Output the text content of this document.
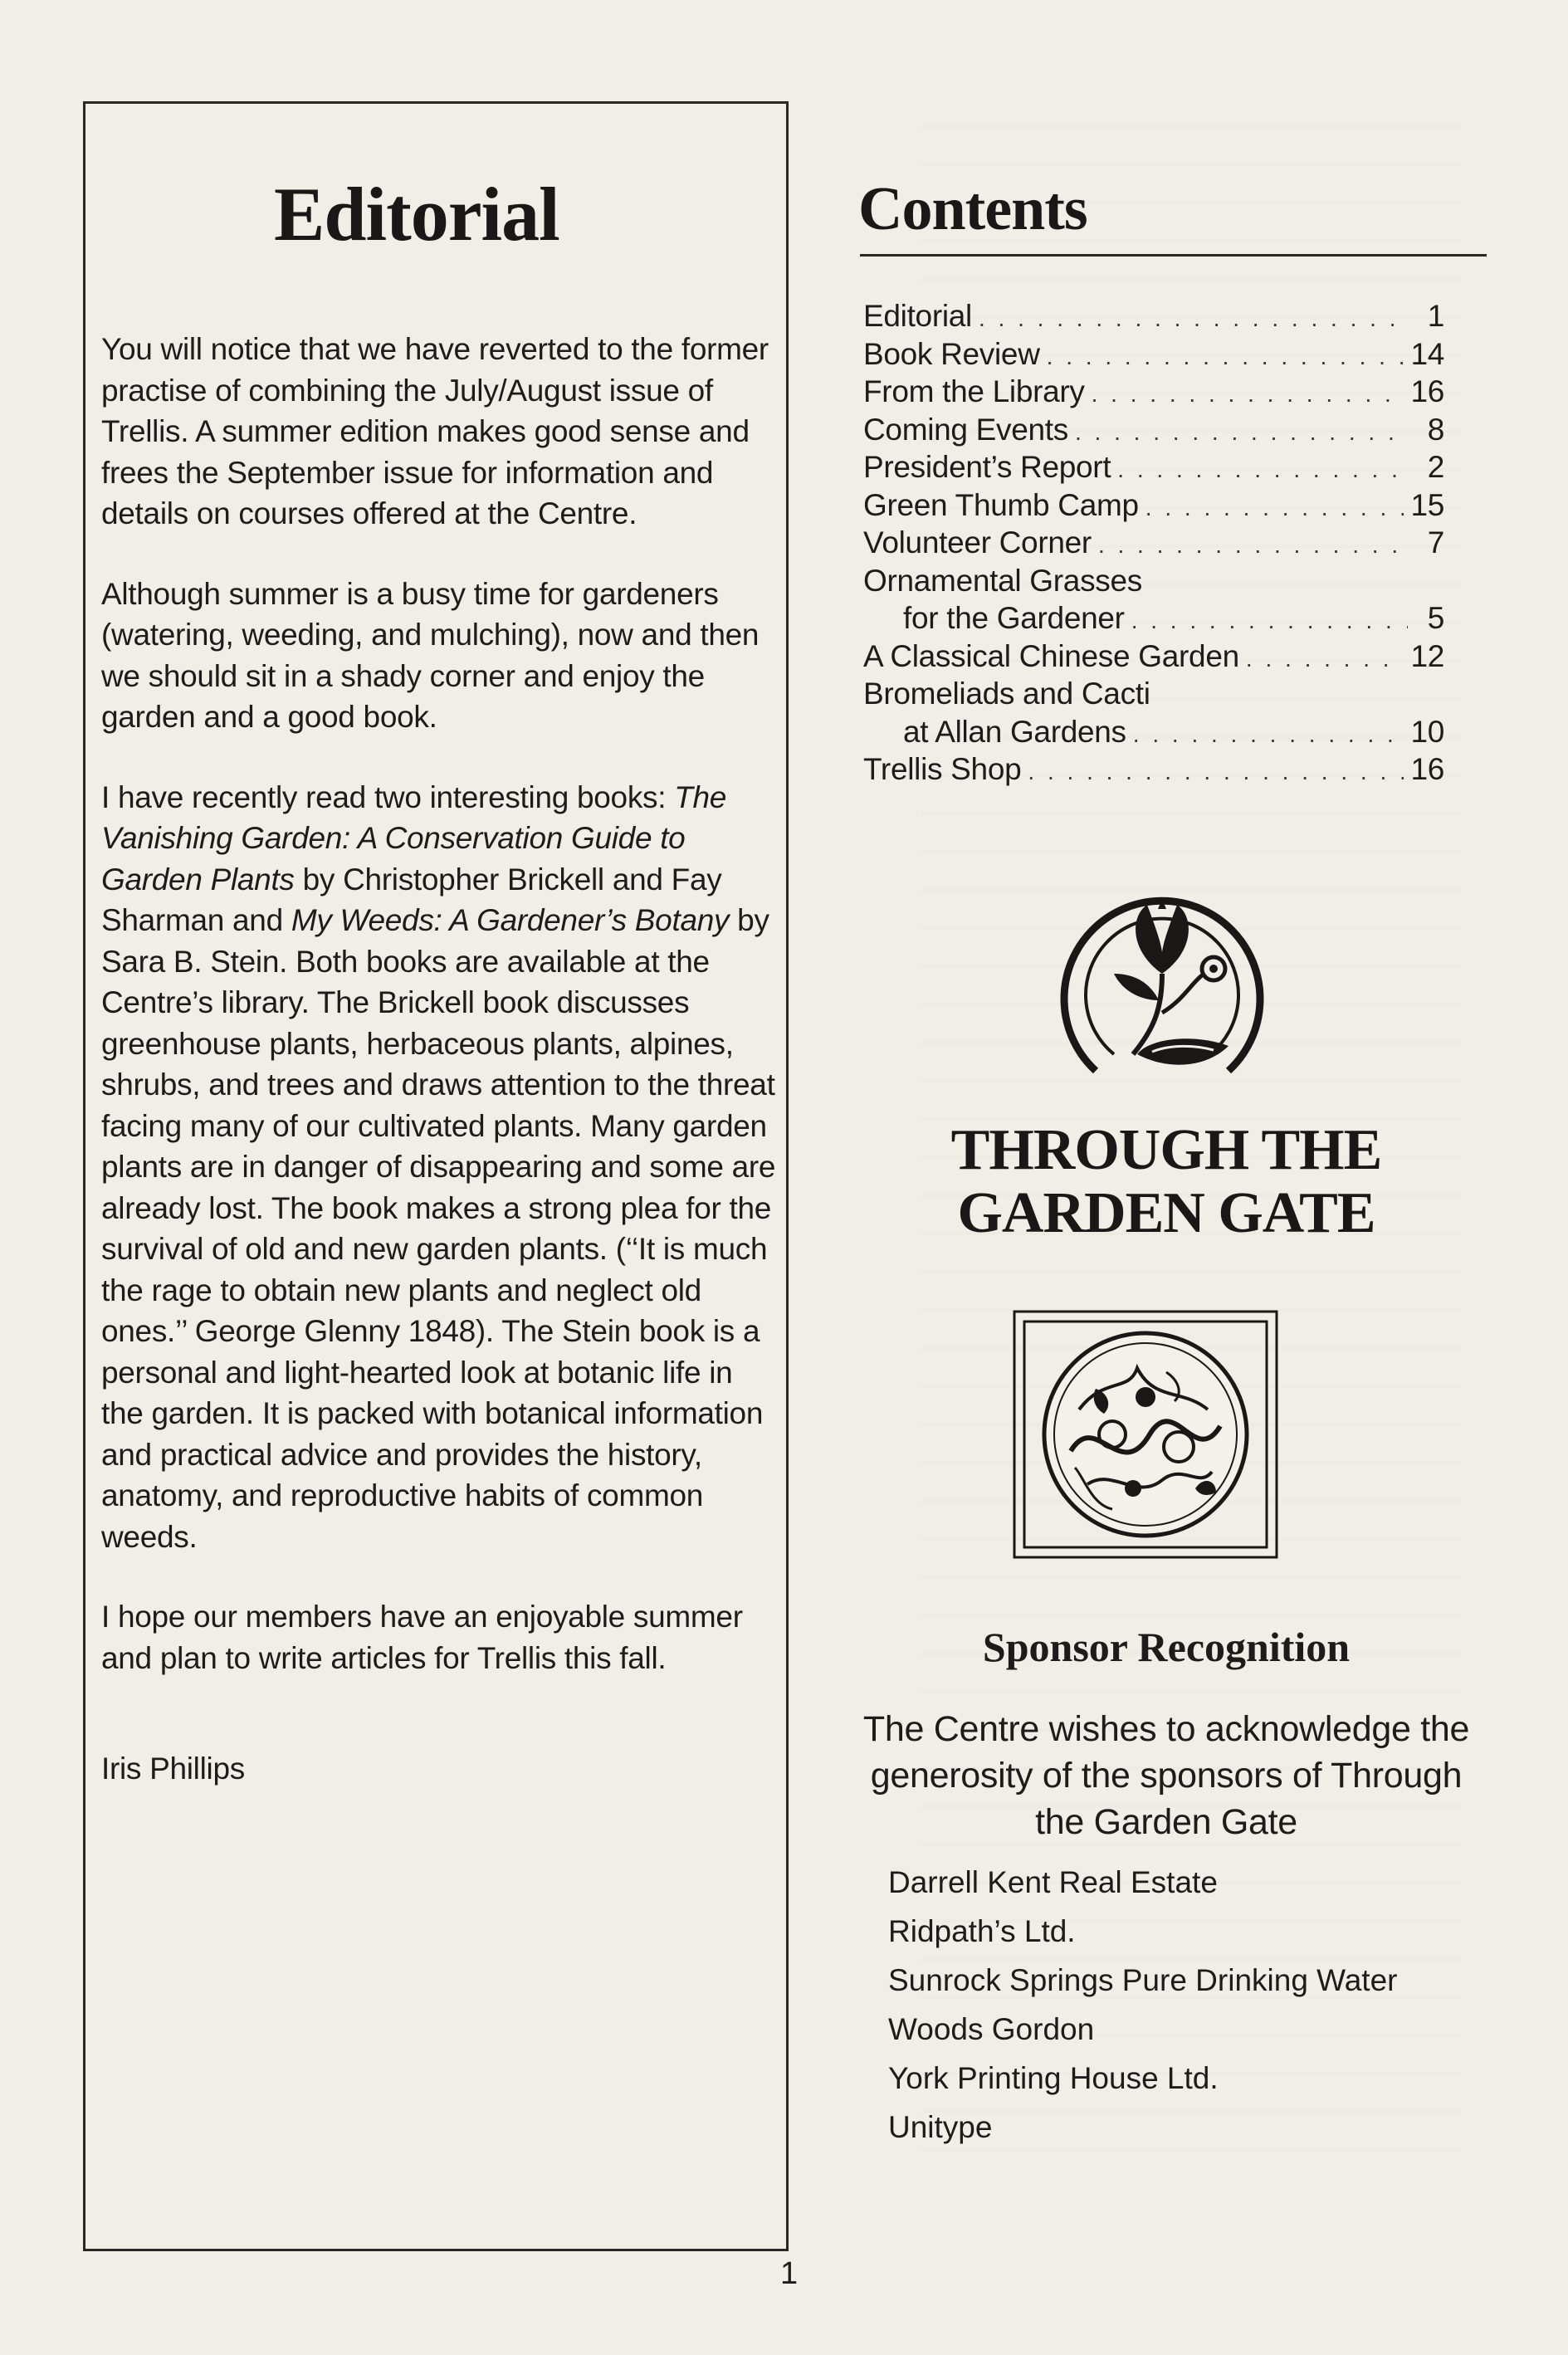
Editorial

You will notice that we have reverted to the former practise of combining the July/August issue of Trellis. A summer edition makes good sense and frees the September issue for information and details on courses offered at the Centre.

Although summer is a busy time for gardeners (watering, weeding, and mulching), now and then we should sit in a shady corner and enjoy the garden and a good book.

I have recently read two interesting books: The Vanishing Garden: A Conservation Guide to Garden Plants by Christopher Brickell and Fay Sharman and My Weeds: A Gardener’s Botany by Sara B. Stein. Both books are available at the Centre’s library. The Brickell book discusses greenhouse plants, herbaceous plants, alpines, shrubs, and trees and draws attention to the threat facing many of our cultivated plants. Many garden plants are in danger of disappearing and some are already lost. The book makes a strong plea for the survival of old and new garden plants. (‘‘It is much the rage to obtain new plants and neglect old ones.’’ George Glenny 1848). The Stein book is a personal and light-hearted look at botanic life in the garden. It is packed with botanical information and practical advice and provides the history, anatomy, and reproductive habits of common weeds.

I hope our members have an enjoyable summer and plan to write articles for Trellis this fall.

Iris Phillips

Contents
Editorial . . .	1
Book Review . . .	14
From the Library . . .	16
Coming Events . . .	8
President’s Report . . .	2
Green Thumb Camp . . .	15
Volunteer Corner . . .	7
Ornamental Grasses
for the Gardener . . .	5
A Classical Chinese Garden . . .	12
Bromeliads and Cacti
at Allan Gardens . . .	10
Trellis Shop . . .	16
THROUGH THE GARDEN GATE
Sponsor Recognition

The Centre wishes to acknowledge the generosity of the sponsors of Through the Garden Gate

Darrell Kent Real Estate
Ridpath’s Ltd.
Sunrock Springs Pure Drinking Water
Woods Gordon
York Printing House Ltd.
Unitype
1
